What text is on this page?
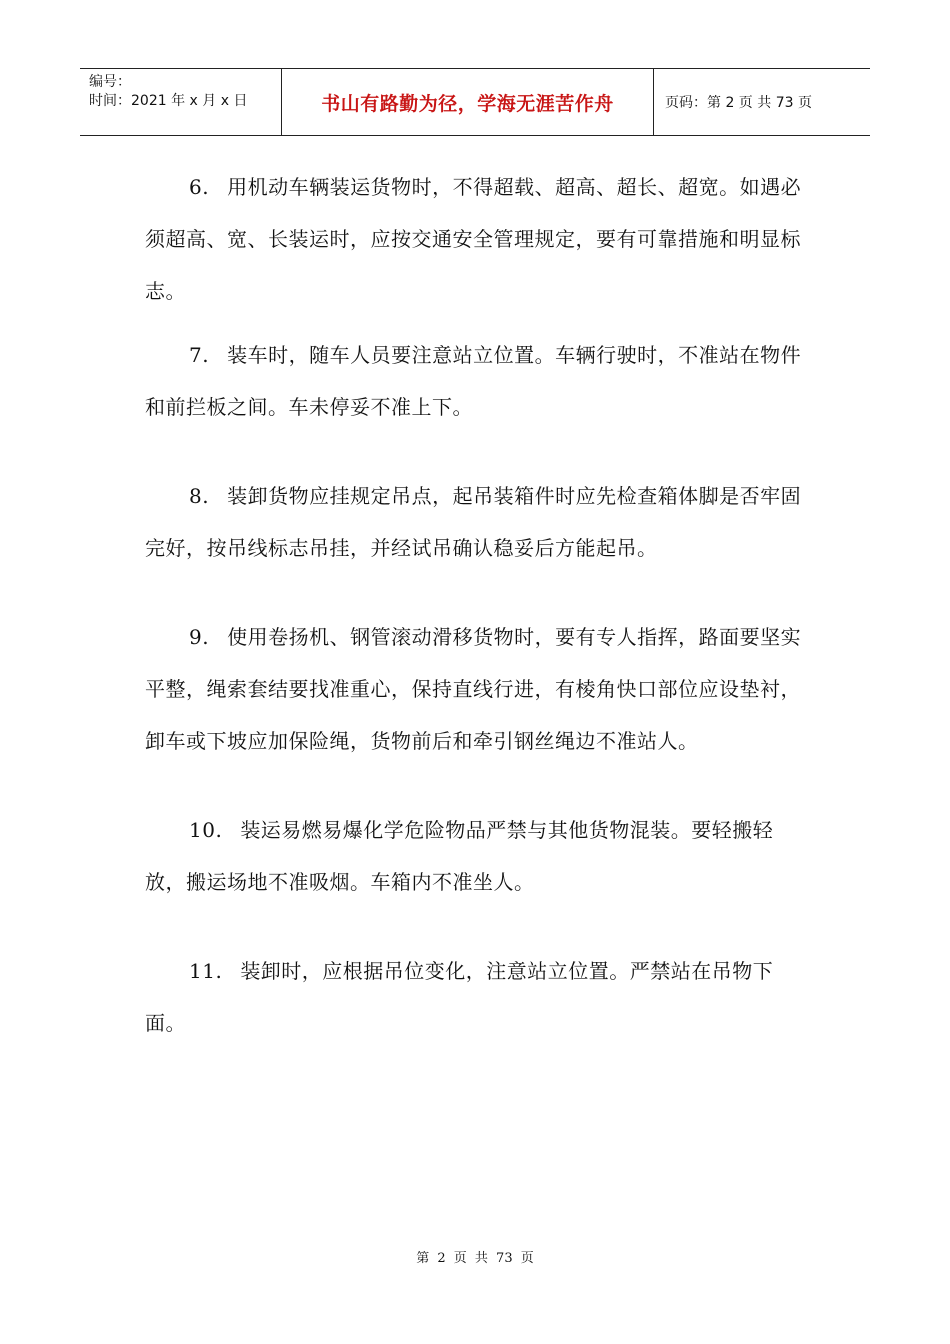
编号：
时间：2021 年 x 月 x 日	书山有路勤为径，学海无涯苦作舟	页码：第 2 页 共 73 页

6. 用机动车辆装运货物时，不得超载、超高、超长、超宽。如遇必须超高、宽、长装运时，应按交通安全管理规定，要有可靠措施和明显标志。

7. 装车时，随车人员要注意站立位置。车辆行驶时，不准站在物件和前拦板之间。车未停妥不准上下。

8. 装卸货物应挂规定吊点，起吊装箱件时应先检查箱体脚是否牢固完好，按吊线标志吊挂，并经试吊确认稳妥后方能起吊。

9. 使用卷扬机、钢管滚动滑移货物时，要有专人指挥，路面要坚实平整，绳索套结要找准重心，保持直线行进，有棱角快口部位应设垫衬，卸车或下坡应加保险绳，货物前后和牵引钢丝绳边不准站人。

10. 装运易燃易爆化学危险物品严禁与其他货物混装。要轻搬轻放，搬运场地不准吸烟。车箱内不准坐人。

11. 装卸时，应根据吊位变化，注意站立位置。严禁站在吊物下面。

第 2 页 共 73 页
